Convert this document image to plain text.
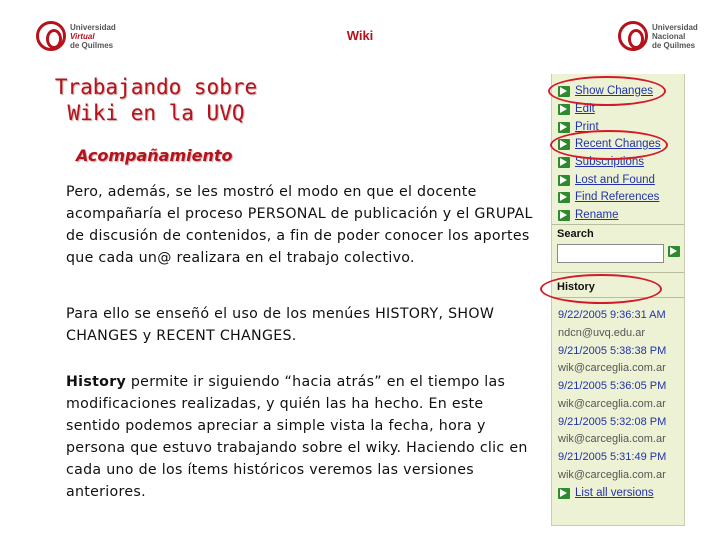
Universidad
Virtual
de Quilmes
Wiki
Universidad
Nacional
de Quilmes
Trabajando sobre
Wiki en la UVQ
Acompañamiento
Pero, además, se les mostró el modo en que el docente acompañaría el proceso PERSONAL de publicación y el GRUPAL de discusión de contenidos, a fin de poder conocer los aportes que cada un@ realizara en el trabajo colectivo.
Para ello se enseñó el uso de los menúes HISTORY, SHOW CHANGES y RECENT CHANGES.
History permite ir siguiendo “hacia atrás” en el tiempo las modificaciones realizadas, y quién las ha hecho. En este sentido podemos apreciar a simple vista la fecha, hora y persona que estuvo trabajando sobre el wiky. Haciendo clic en cada uno de los ítems históricos veremos las versiones anteriores.
Show Changes
Edit
Print
Recent Changes
Subscriptions
Lost and Found
Find References
Rename
Search
History
9/22/2005 9:36:31 AM
ndcn@uvq.edu.ar
9/21/2005 5:38:38 PM
wik@carceglia.com.ar
9/21/2005 5:36:05 PM
wik@carceglia.com.ar
9/21/2005 5:32:08 PM
wik@carceglia.com.ar
9/21/2005 5:31:49 PM
wik@carceglia.com.ar
List all versions
